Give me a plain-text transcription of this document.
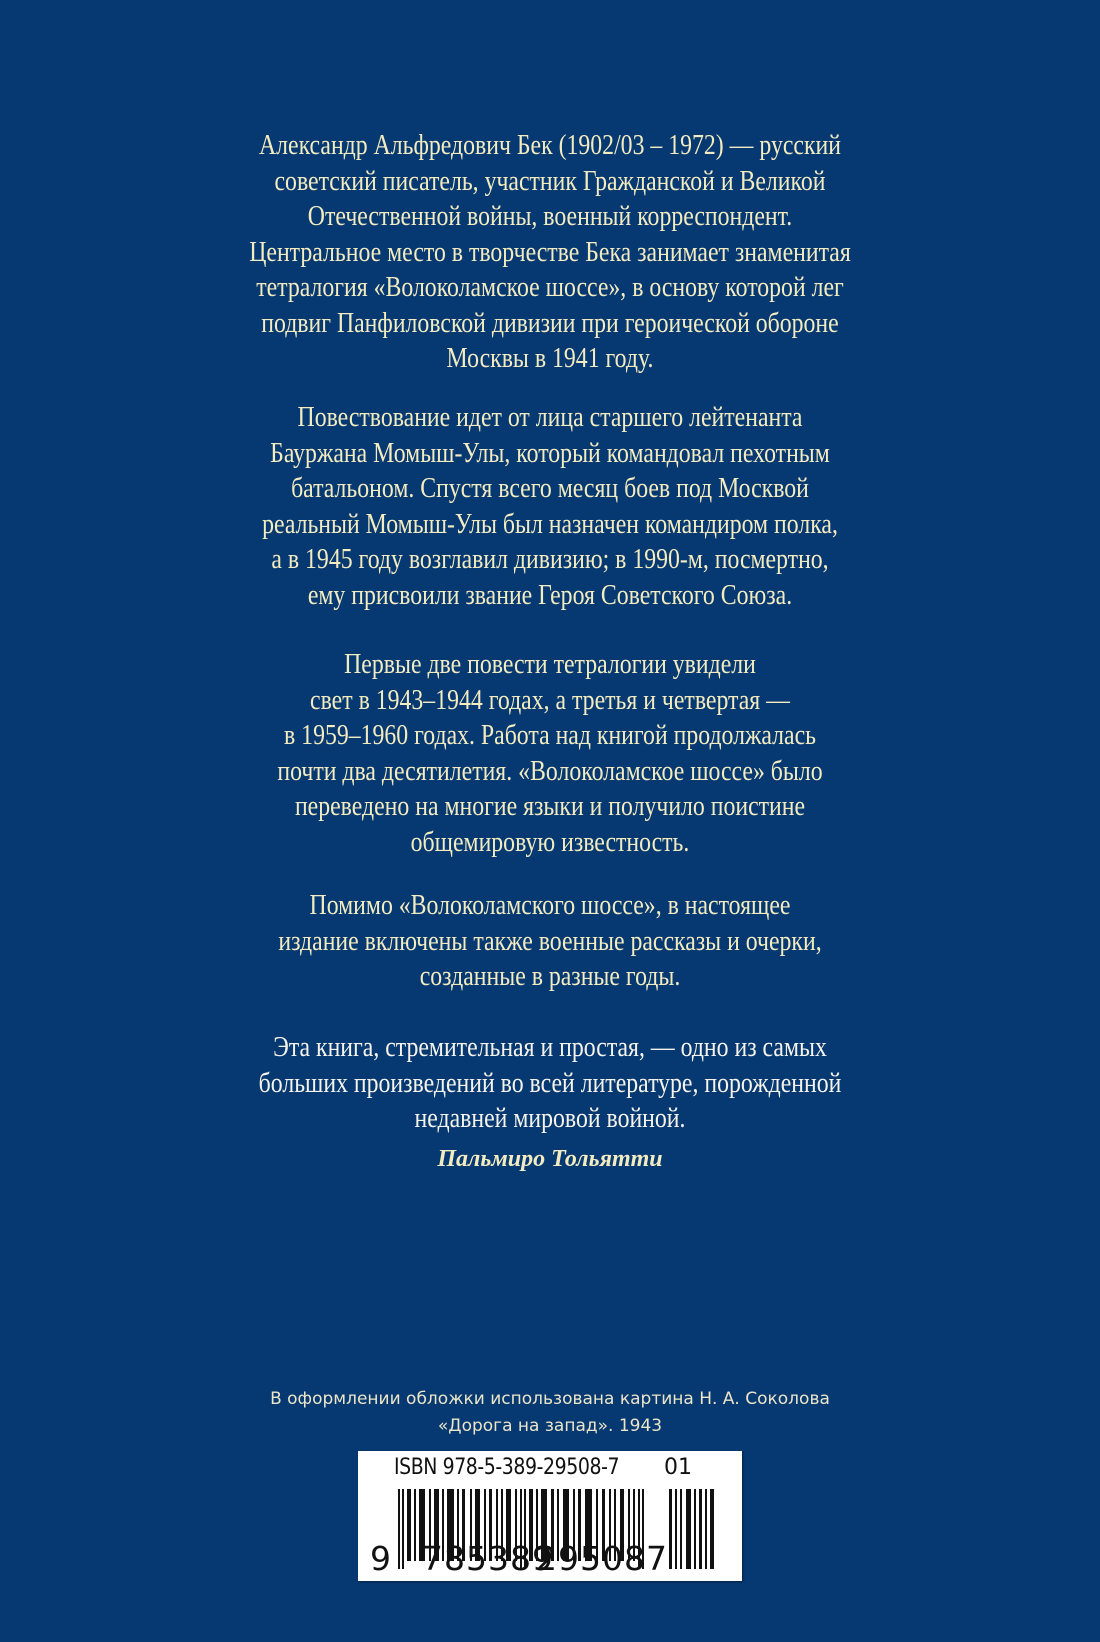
Александр Альфредович Бек (1902/03 – 1972) — русский
советский писатель, участник Гражданской и Великой
Отечественной войны, военный корреспондент.
Центральное место в творчестве Бека занимает знаменитая
тетралогия «Волоколамское шоссе», в основу которой лег
подвиг Панфиловской дивизии при героической обороне
Москвы в 1941 году.
Повествование идет от лица старшего лейтенанта
Бауржана Момыш-Улы, который командовал пехотным
батальоном. Спустя всего месяц боев под Москвой
реальный Момыш-Улы был назначен командиром полка,
а в 1945 году возглавил дивизию; в 1990-м, посмертно,
ему присвоили звание Героя Советского Союза.
Первые две повести тетралогии увидели
свет в 1943–1944 годах, а третья и четвертая —
в 1959–1960 годах. Работа над книгой продолжалась
почти два десятилетия. «Волоколамское шоссе» было
переведено на многие языки и получило поистине
общемировую известность.
Помимо «Волоколамского шоссе», в настоящее
издание включены также военные рассказы и очерки,
созданные в разные годы.
Эта книга, стремительная и простая, — одно из самых
больших произведений во всей литературе, порожденной
недавней мировой войной.
Пальмиро Тольятти
В оформлении обложки использована картина Н. А. Соколова
«Дорога на запад». 1943
ISBN 978-5-389-29508-7 01
9 785389
295087
